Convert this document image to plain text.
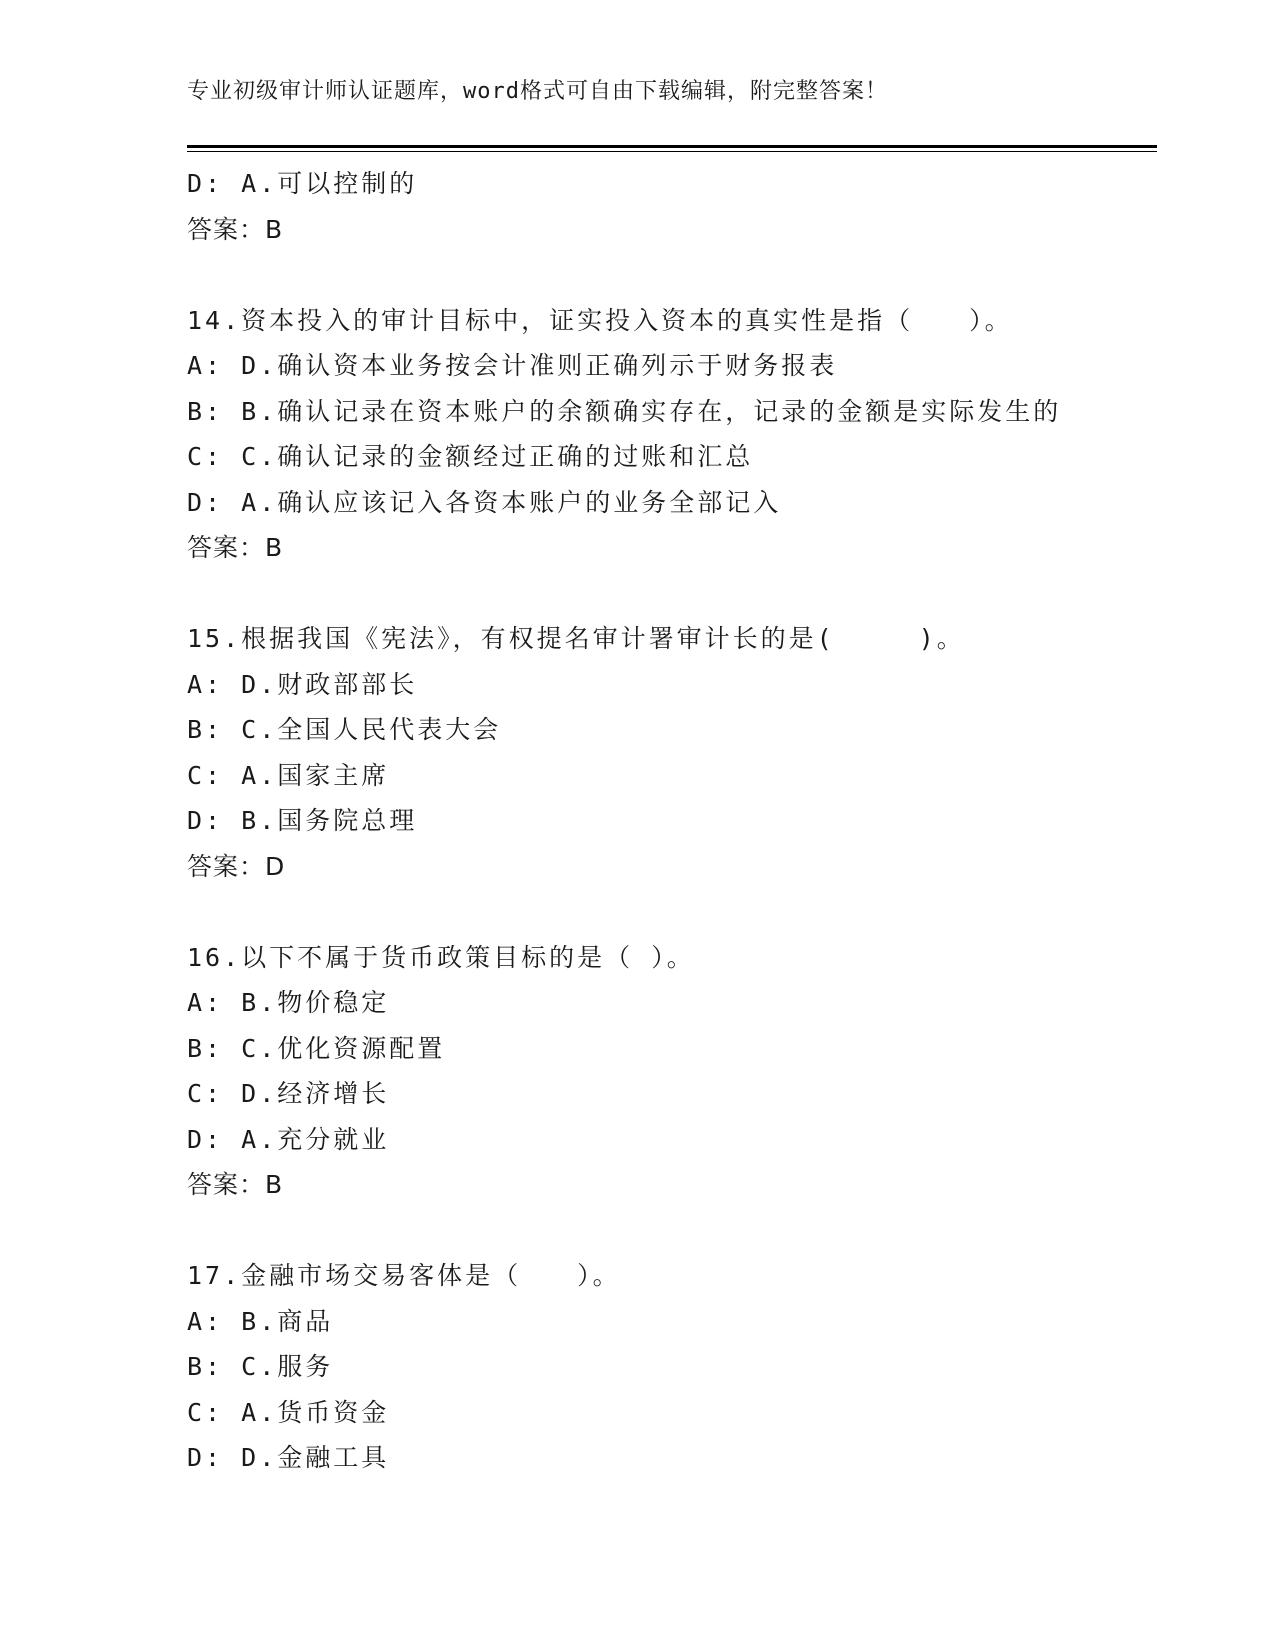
专业初级审计师认证题库，word格式可自由下载编辑，附完整答案！
D: A.可以控制的
答案：B
14.资本投入的审计目标中，证实投入资本的真实性是指（　　）。
A: D.确认资本业务按会计准则正确列示于财务报表
B: B.确认记录在资本账户的余额确实存在，记录的金额是实际发生的
C: C.确认记录的金额经过正确的过账和汇总
D: A.确认应该记入各资本账户的业务全部记入
答案：B
15.根据我国《宪法》，有权提名审计署审计长的是(　　　)。
A: D.财政部部长
B: C.全国人民代表大会
C: A.国家主席
D: B.国务院总理
答案：D
16.以下不属于货币政策目标的是（ ）。
A: B.物价稳定
B: C.优化资源配置
C: D.经济增长
D: A.充分就业
答案：B
17.金融市场交易客体是（　　）。
A: B.商品
B: C.服务
C: A.货币资金
D: D.金融工具
